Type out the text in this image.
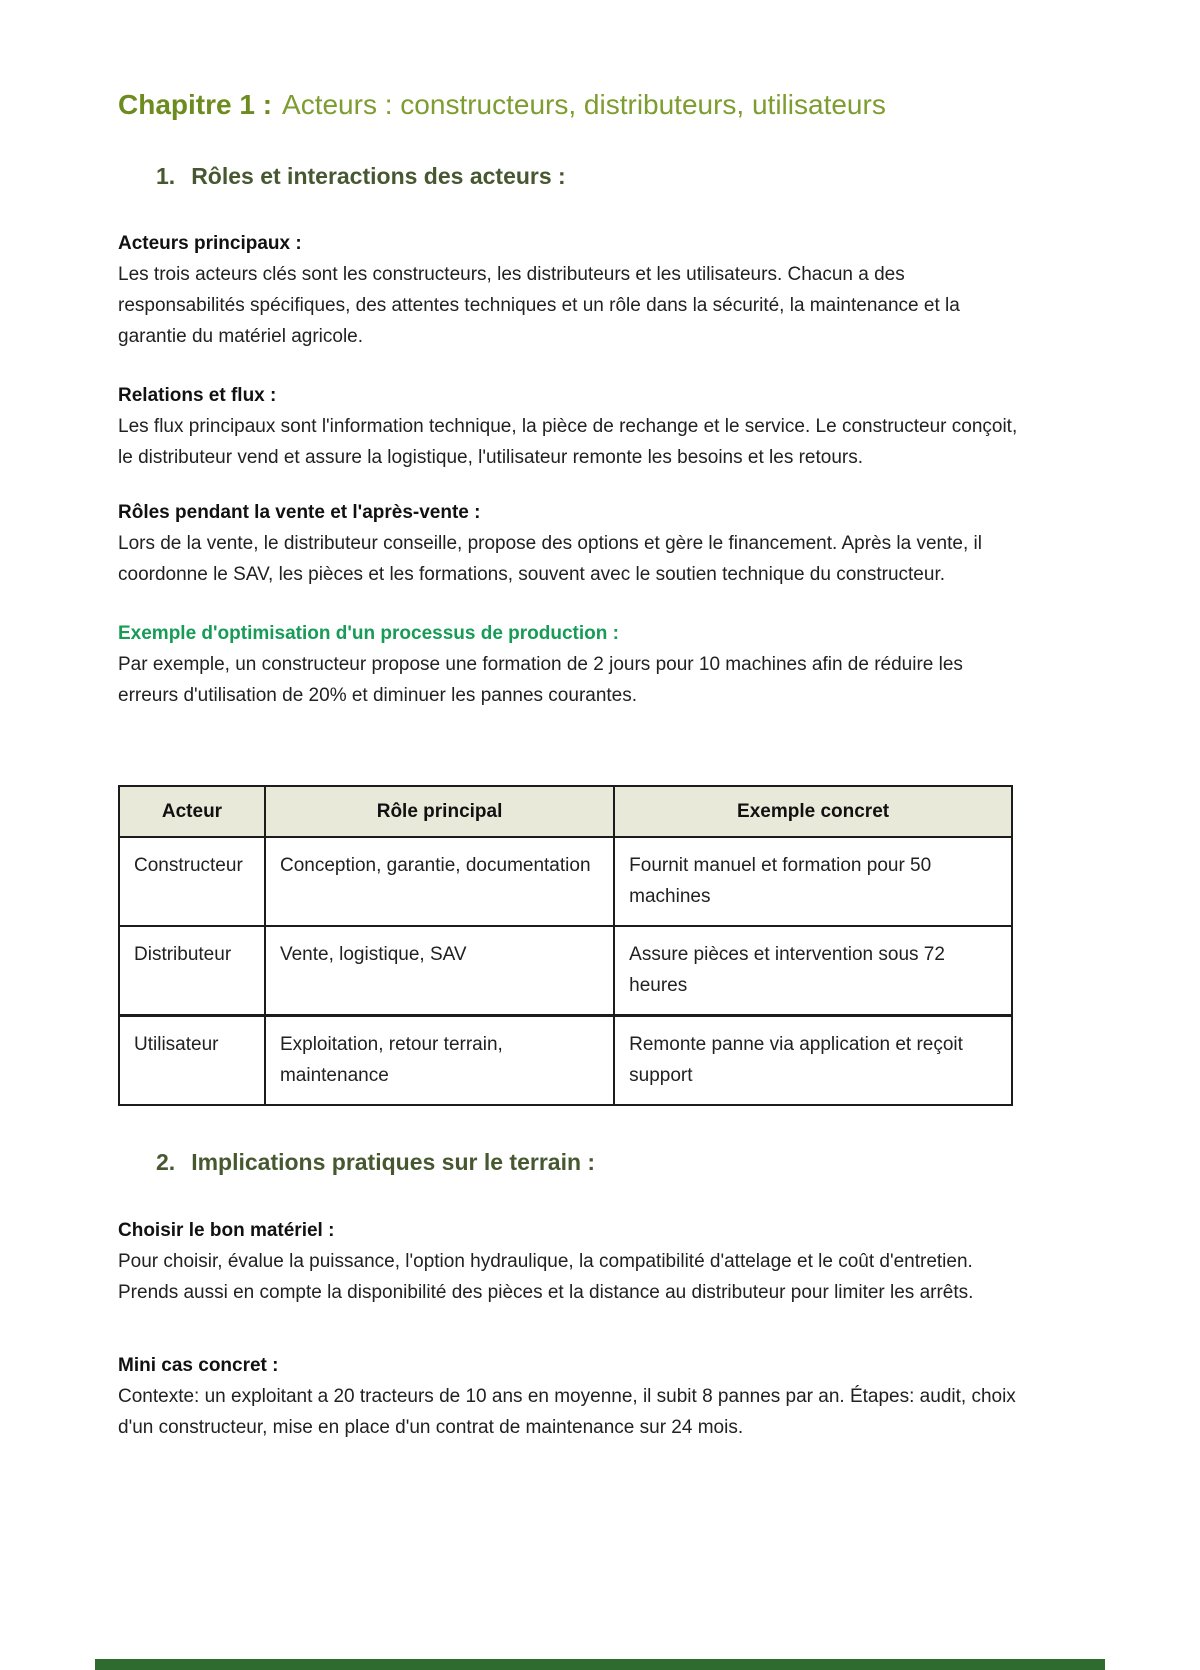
Chapitre 1 : Acteurs : constructeurs, distributeurs, utilisateurs
1. Rôles et interactions des acteurs :

Acteurs principaux :

Les trois acteurs clés sont les constructeurs, les distributeurs et les utilisateurs. Chacun a des responsabilités spécifiques, des attentes techniques et un rôle dans la sécurité, la maintenance et la garantie du matériel agricole.

Relations et flux :

Les flux principaux sont l'information technique, la pièce de rechange et le service. Le constructeur conçoit, le distributeur vend et assure la logistique, l'utilisateur remonte les besoins et les retours.

Rôles pendant la vente et l'après-vente :

Lors de la vente, le distributeur conseille, propose des options et gère le financement. Après la vente, il coordonne le SAV, les pièces et les formations, souvent avec le soutien technique du constructeur.

Exemple d'optimisation d'un processus de production :

Par exemple, un constructeur propose une formation de 2 jours pour 10 machines afin de réduire les erreurs d'utilisation de 20% et diminuer les pannes courantes.

Acteur	Rôle principal	Exemple concret
Constructeur	Conception, garantie, documentation	Fournit manuel et formation pour 50 machines
Distributeur	Vente, logistique, SAV	Assure pièces et intervention sous 72 heures
Utilisateur	Exploitation, retour terrain, maintenance	Remonte panne via application et reçoit support
2. Implications pratiques sur le terrain :

Choisir le bon matériel :

Pour choisir, évalue la puissance, l'option hydraulique, la compatibilité d'attelage et le coût d'entretien. Prends aussi en compte la disponibilité des pièces et la distance au distributeur pour limiter les arrêts.

Mini cas concret :

Contexte: un exploitant a 20 tracteurs de 10 ans en moyenne, il subit 8 pannes par an. Étapes: audit, choix d'un constructeur, mise en place d'un contrat de maintenance sur 24 mois.
